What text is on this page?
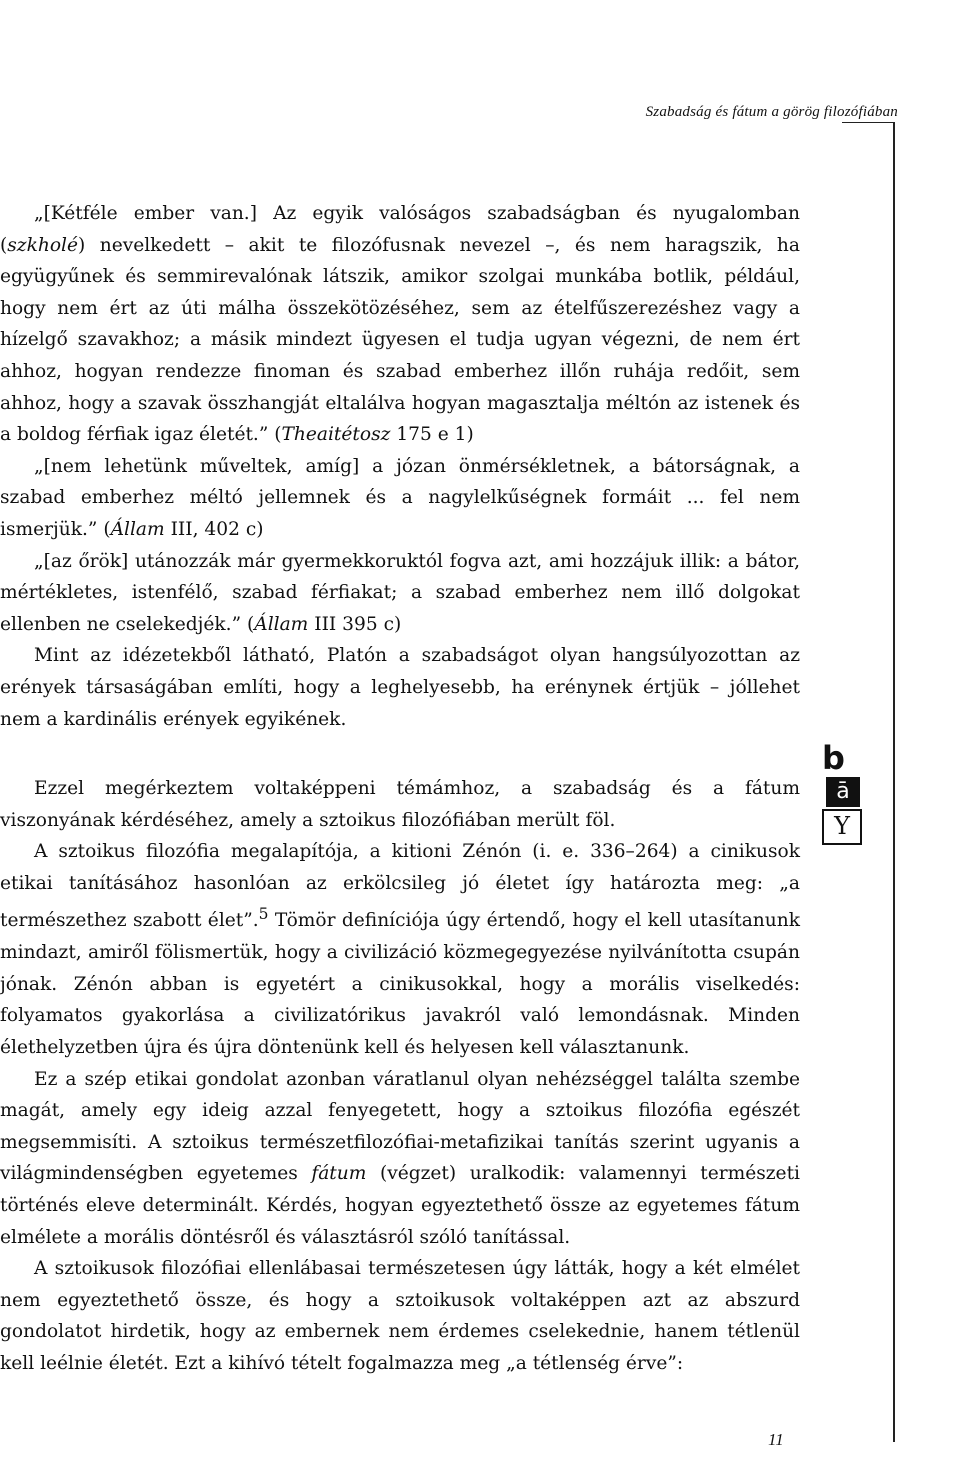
Szabadság és fátum a görög filozófiában

„[Kétféle ember van.] Az egyik valóságos szabadságban és nyugalomban (szkholé) nevelkedett – akit te filozófusnak nevezel –, és nem haragszik, ha együgyűnek és semmirevalónak látszik, amikor szolgai munkába botlik, például, hogy nem ért az úti málha összekötözéséhez, sem az ételfűszerezéshez vagy a hízelgő szavakhoz; a másik mindezt ügyesen el tudja ugyan végezni, de nem ért ahhoz, hogyan rendezze finoman és szabad emberhez illőn ruhája redőit, sem ahhoz, hogy a szavak összhangját eltalálva hogyan magasztalja méltón az istenek és a boldog férfiak igaz életét.” (Theaitétosz 175 e 1)

„[nem lehetünk műveltek, amíg] a józan önmérsékletnek, a bátorságnak, a szabad emberhez méltó jellemnek és a nagylelkűségnek formáit ... fel nem ismerjük.” (Állam III, 402 c)

„[az őrök] utánozzák már gyermekkoruktól fogva azt, ami hozzájuk illik: a bátor, mértékletes, istenfélő, szabad férfiakat; a szabad emberhez nem illő dolgokat ellenben ne cselekedjék.” (Állam III 395 c)

Mint az idézetekből látható, Platón a szabadságot olyan hangsúlyozottan az erények társaságában említi, hogy a leghelyesebb, ha erénynek értjük – jóllehet nem a kardinális erények egyikének.

Ezzel megérkeztem voltaképpeni témámhoz, a szabadság és a fátum viszonyának kérdéséhez, amely a sztoikus filozófiában merült föl.

A sztoikus filozófia megalapítója, a kitioni Zénón (i. e. 336–264) a cinikusok etikai tanításához hasonlóan az erkölcsileg jó életet így határozta meg: „a természethez szabott élet”.$^5$ Tömör definíciója úgy értendő, hogy el kell utasítanunk mindazt, amiről fölismertük, hogy a civilizáció közmegegyezése nyilvánította csupán jónak. Zénón abban is egyetért a cinikusokkal, hogy a morális viselkedés: folyamatos gyakorlása a civilizatórikus javakról való lemondásnak. Minden élethelyzetben újra és újra döntenünk kell és helyesen kell választanunk.

Ez a szép etikai gondolat azonban váratlanul olyan nehézséggel találta szembe magát, amely egy ideig azzal fenyegetett, hogy a sztoikus filozófia egészét megsemmisíti. A sztoikus természetfilozófiai-metafizikai tanítás szerint ugyanis a világmindenségben egyetemes fátum (végzet) uralkodik: valamennyi természeti történés eleve determinált. Kérdés, hogyan egyeztethető össze az egyetemes fátum elmélete a morális döntésről és választásról szóló tanítással.

A sztoikusok filozófiai ellenlábasai természetesen úgy látták, hogy a két elmélet nem egyeztethető össze, és hogy a sztoikusok voltaképpen azt az abszurd gondolatot hirdetik, hogy az embernek nem érdemes cselekednie, hanem tétlenül kell leélnie életét. Ezt a kihívó tételt fogalmazza meg „a tétlenség érve”:

b
ā
Y
11
